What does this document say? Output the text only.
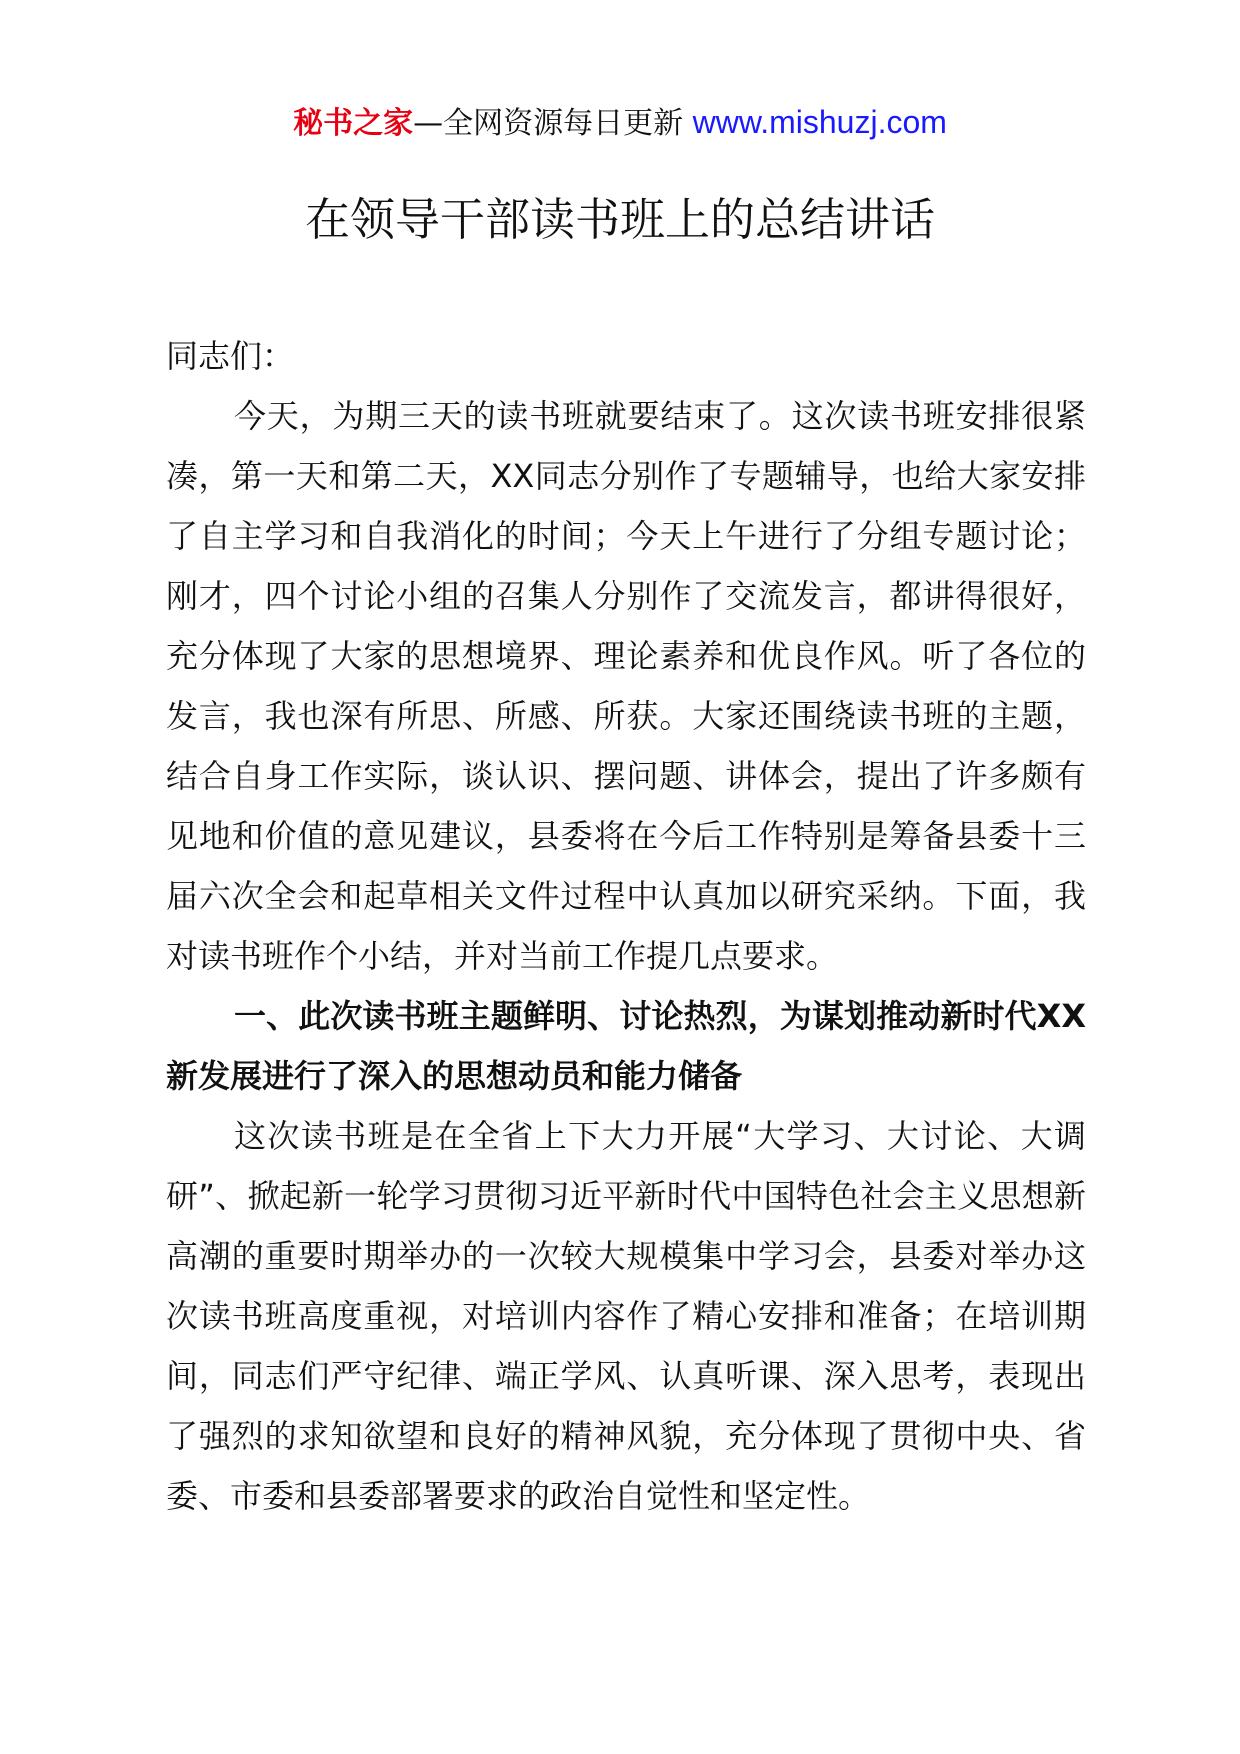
秘书之家—全网资源每日更新 www.mishuzj.com
在领导干部读书班上的总结讲话

同志们：

今天，为期三天的读书班就要结束了。这次读书班安排很紧凑，第一天和第二天，XX同志分别作了专题辅导，也给大家安排了自主学习和自我消化的时间；今天上午进行了分组专题讨论；刚才，四个讨论小组的召集人分别作了交流发言，都讲得很好，充分体现了大家的思想境界、理论素养和优良作风。听了各位的发言，我也深有所思、所感、所获。大家还围绕读书班的主题，结合自身工作实际，谈认识、摆问题、讲体会，提出了许多颇有见地和价值的意见建议，县委将在今后工作特别是筹备县委十三届六次全会和起草相关文件过程中认真加以研究采纳。下面，我对读书班作个小结，并对当前工作提几点要求。

一、此次读书班主题鲜明、讨论热烈，为谋划推动新时代XX新发展进行了深入的思想动员和能力储备

这次读书班是在全省上下大力开展“大学习、大讨论、大调研”、掀起新一轮学习贯彻习近平新时代中国特色社会主义思想新高潮的重要时期举办的一次较大规模集中学习会，县委对举办这次读书班高度重视，对培训内容作了精心安排和准备；在培训期间，同志们严守纪律、端正学风、认真听课、深入思考，表现出了强烈的求知欲望和良好的精神风貌，充分体现了贯彻中央、省委、市委和县委部署要求的政治自觉性和坚定性。
